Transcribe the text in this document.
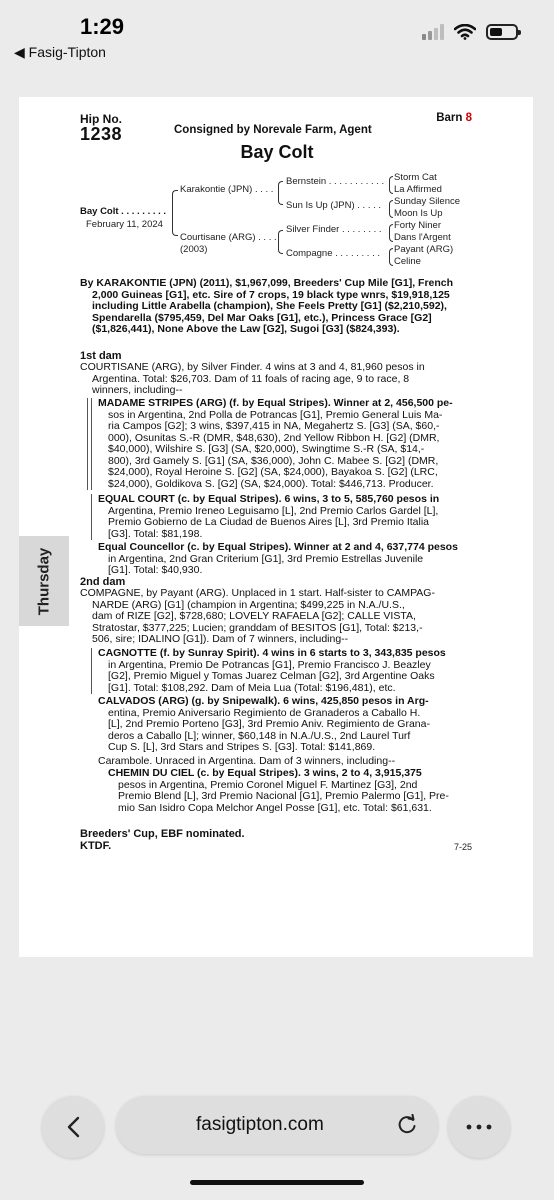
1:29
◀ Fasig-Tipton
Thursday
Hip No.
1238	Consigned by Norevale Farm, Agent
Barn 8
Bay Colt
Bay Colt . . . . . . . . .
February 11, 2024
Karakontie (JPN) . . . .
Courtisane (ARG) . . . .
(2003)
Bernstein . . . . . . . . . . .
Sun Is Up (JPN) . . . . .
Silver Finder . . . . . . . .
Compagne . . . . . . . . .
Storm Cat
La Affirmed
Sunday Silence
Moon Is Up
Forty Niner
Dans l'Argent
Payant (ARG)
Celine
By KARAKONTIE (JPN) (2011), $1,967,099, Breeders' Cup Mile [G1], French
2,000 Guineas [G1], etc. Sire of 7 crops, 19 black type wnrs, $19,918,125
including Little Arabella (champion), She Feels Pretty [G1] ($2,210,592),
Spendarella ($795,459, Del Mar Oaks [G1], etc.), Princess Grace [G2]
($1,826,441), None Above the Law [G2], Sugoi [G3] ($824,393).
1st dam
COURTISANE (ARG), by Silver Finder. 4 wins at 3 and 4, 81,960 pesos in
Argentina. Total: $26,703. Dam of 11 foals of racing age, 9 to race, 8
winners, including--
MADAME STRIPES (ARG) (f. by Equal Stripes). Winner at 2, 456,500 pe-
sos in Argentina, 2nd Polla de Potrancas [G1], Premio General Luis Ma-
ria Campos [G2]; 3 wins, $397,415 in NA, Megahertz S. [G3] (SA, $60,-
000), Osunitas S.-R (DMR, $48,630), 2nd Yellow Ribbon H. [G2] (DMR,
$40,000), Wilshire S. [G3] (SA, $20,000), Swingtime S.-R (SA, $14,-
800), 3rd Gamely S. [G1] (SA, $36,000), John C. Mabee S. [G2] (DMR,
$24,000), Royal Heroine S. [G2] (SA, $24,000), Bayakoa S. [G2] (LRC,
$24,000), Goldikova S. [G2] (SA, $24,000). Total: $446,713. Producer.
EQUAL COURT (c. by Equal Stripes). 6 wins, 3 to 5, 585,760 pesos in
Argentina, Premio Ireneo Leguisamo [L], 2nd Premio Carlos Gardel [L],
Premio Gobierno de La Ciudad de Buenos Aires [L], 3rd Premio Italia
[G3]. Total: $81,198.
Equal Councellor (c. by Equal Stripes). Winner at 2 and 4, 637,774 pesos
in Argentina, 2nd Gran Criterium [G1], 3rd Premio Estrellas Juvenile
[G1]. Total: $40,930.
2nd dam
COMPAGNE, by Payant (ARG). Unplaced in 1 start. Half-sister to CAMPAG-
NARDE (ARG) [G1] (champion in Argentina; $499,225 in N.A./U.S.,
dam of RIZE [G2], $728,680; LOVELY RAFAELA [G2]; CALLE VISTA,
Stratostar, $377,225; Lucien; granddam of BESITOS [G1], Total: $213,-
506, sire; IDALINO [G1]). Dam of 7 winners, including--
CAGNOTTE (f. by Sunray Spirit). 4 wins in 6 starts to 3, 343,835 pesos
in Argentina, Premio De Potrancas [G1], Premio Francisco J. Beazley
[G2], Premio Miguel y Tomas Juarez Celman [G2], 3rd Argentine Oaks
[G1]. Total: $108,292. Dam of Meia Lua (Total: $196,481), etc.
CALVADOS (ARG) (g. by Snipewalk). 6 wins, 425,850 pesos in Arg-
entina, Premio Aniversario Regimiento de Granaderos a Caballo H.
[L], 2nd Premio Porteno [G3], 3rd Premio Aniv. Regimiento de Grana-
deros a Caballo [L]; winner, $60,148 in N.A./U.S., 2nd Laurel Turf
Cup S. [L], 3rd Stars and Stripes S. [G3]. Total: $141,869.
Carambole. Unraced in Argentina. Dam of 3 winners, including--
CHEMIN DU CIEL (c. by Equal Stripes). 3 wins, 2 to 4, 3,915,375
pesos in Argentina, Premio Coronel Miguel F. Martinez [G3], 2nd
Premio Blend [L], 3rd Premio Nacional [G1], Premio Palermo [G1], Pre-
mio San Isidro Copa Melchor Angel Posse [G1], etc. Total: $61,631.
Breeders' Cup, EBF nominated.
KTDF.	7-25
fasigtipton.com
